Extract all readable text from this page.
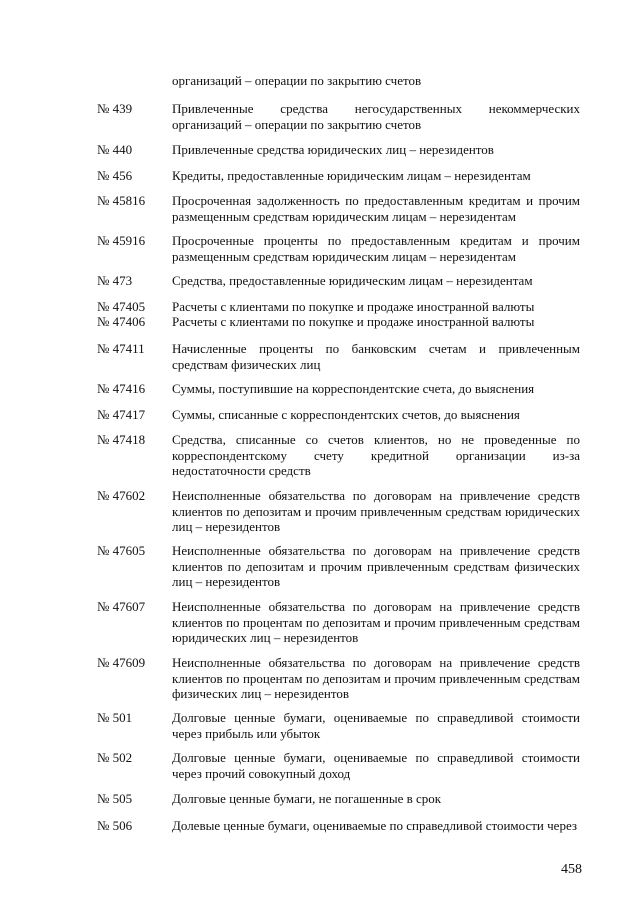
организаций – операции по закрытию счетов
№ 439	Привлеченные средства негосударственных некоммерческих организаций – операции по закрытию счетов
№ 440	Привлеченные средства юридических лиц – нерезидентов
№ 456	Кредиты, предоставленные юридическим лицам – нерезидентам
№ 45816	Просроченная задолженность по предоставленным кредитам и прочим размещенным средствам юридическим лицам – нерезидентам
№ 45916	Просроченные проценты по предоставленным кредитам и прочим размещенным средствам юридическим лицам – нерезидентам
№ 473	Средства, предоставленные юридическим лицам – нерезидентам
№ 47405	Расчеты с клиентами по покупке и продаже иностранной валюты
№ 47406	Расчеты с клиентами по покупке и продаже иностранной валюты
№ 47411	Начисленные проценты по банковским счетам и привлеченным средствам физических лиц
№ 47416	Суммы, поступившие на корреспондентские счета, до выяснения
№ 47417	Суммы, списанные с корреспондентских счетов, до выяснения
№ 47418	Средства, списанные со счетов клиентов, но не проведенные по корреспондентскому счету кредитной организации из-за недостаточности средств
№ 47602	Неисполненные обязательства по договорам на привлечение средств клиентов по депозитам и прочим привлеченным средствам юридических лиц – нерезидентов
№ 47605	Неисполненные обязательства по договорам на привлечение средств клиентов по депозитам и прочим привлеченным средствам физических лиц – нерезидентов
№ 47607	Неисполненные обязательства по договорам на привлечение средств клиентов по процентам по депозитам и прочим привлеченным средствам юридических лиц – нерезидентов
№ 47609	Неисполненные обязательства по договорам на привлечение средств клиентов по процентам по депозитам и прочим привлеченным средствам физических лиц – нерезидентов
№ 501	Долговые ценные бумаги, оцениваемые по справедливой стоимости через прибыль или убыток
№ 502	Долговые ценные бумаги, оцениваемые по справедливой стоимости через прочий совокупный доход
№ 505	Долговые ценные бумаги, не погашенные в срок
№ 506	Долевые ценные бумаги, оцениваемые по справедливой стоимости через
458
